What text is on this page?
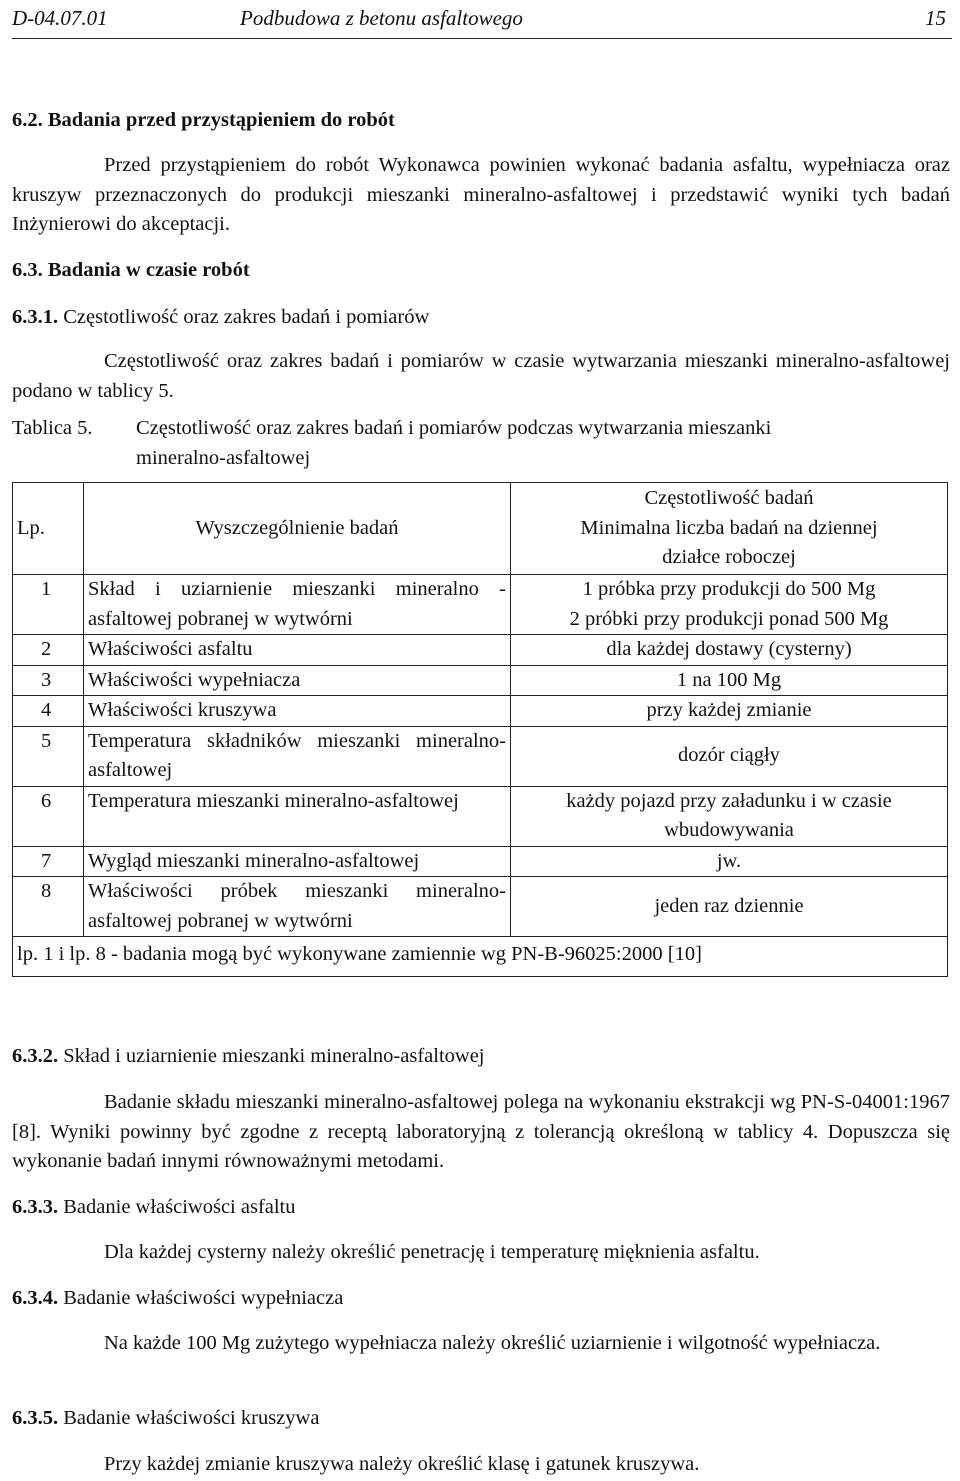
D-04.07.01	Podbudowa z betonu asfaltowego	15
6.2. Badania przed przystąpieniem do robót
Przed przystąpieniem do robót Wykonawca powinien wykonać badania asfaltu, wypełniacza oraz kruszyw przeznaczonych do produkcji mieszanki mineralno-asfaltowej i przedstawić wyniki tych badań Inżynierowi do akceptacji.
6.3. Badania w czasie robót
6.3.1. Częstotliwość oraz zakres badań i pomiarów
Częstotliwość oraz zakres badań i pomiarów w czasie wytwarzania mieszanki mineralno-asfaltowej podano w tablicy 5.
Tablica 5. Częstotliwość oraz zakres badań i pomiarów podczas wytwarzania mieszanki
mineralno-asfaltowej
Lp.	Wyszczególnienie badań	Częstotliwość badań
Minimalna liczba badań na dziennej
działce roboczej
1	Skład i uziarnienie mieszanki mineralno - asfaltowej pobranej w wytwórni	1 próbka przy produkcji do 500 Mg
2 próbki przy produkcji ponad 500 Mg
2	Właściwości asfaltu	dla każdej dostawy (cysterny)
3	Właściwości wypełniacza	1 na 100 Mg
4	Właściwości kruszywa	przy każdej zmianie
5	Temperatura składników mieszanki mineralno-asfaltowej	dozór ciągły
6	Temperatura mieszanki mineralno-asfaltowej	każdy pojazd przy załadunku i w czasie
wbudowywania
7	Wygląd mieszanki mineralno-asfaltowej	jw.
8	Właściwości próbek mieszanki mineralno-asfaltowej pobranej w wytwórni	jeden raz dziennie
lp. 1 i lp. 8 - badania mogą być wykonywane zamiennie wg PN-B-96025:2000 [10]		
6.3.2. Skład i uziarnienie mieszanki mineralno-asfaltowej
Badanie składu mieszanki mineralno-asfaltowej polega na wykonaniu ekstrakcji wg PN-S-04001:1967 [8]. Wyniki powinny być zgodne z receptą laboratoryjną z tolerancją określoną w tablicy 4. Dopuszcza się wykonanie badań innymi równoważnymi metodami.
6.3.3. Badanie właściwości asfaltu
Dla każdej cysterny należy określić penetrację i temperaturę mięknienia asfaltu.
6.3.4. Badanie właściwości wypełniacza
Na każde 100 Mg zużytego wypełniacza należy określić uziarnienie i wilgotność wypełniacza.
6.3.5. Badanie właściwości kruszywa
Przy każdej zmianie kruszywa należy określić klasę i gatunek kruszywa.
